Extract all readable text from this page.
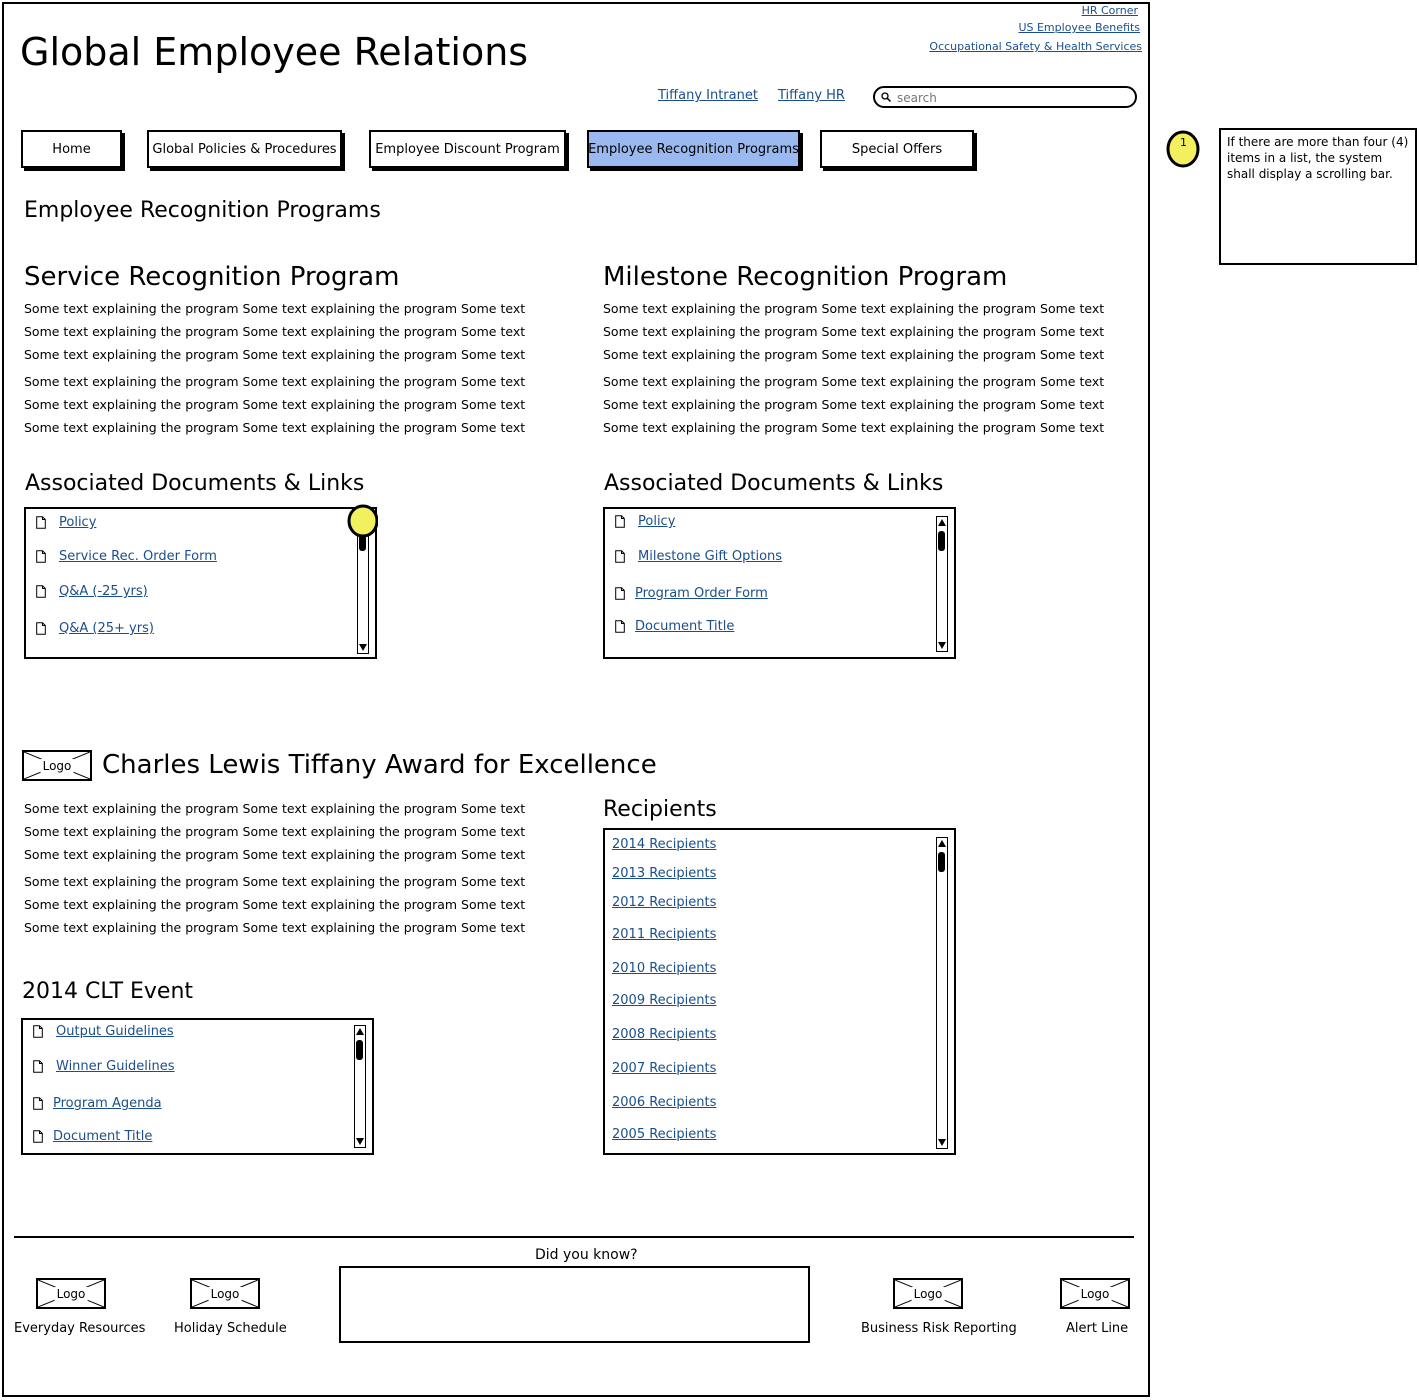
Global Employee Relations
HR Corner
US Employee Benefits
Occupational Safety & Health Services
Tiffany Intranet Tiffany HR
search
Home	Global Policies & Procedures	Employee Discount Program	Employee Recognition Programs	Special Offers
Employee Recognition Programs
Service Recognition Program
Some text explaining the program Some text explaining the program Some text
Some text explaining the program Some text explaining the program Some text
Some text explaining the program Some text explaining the program Some text
Some text explaining the program Some text explaining the program Some text
Some text explaining the program Some text explaining the program Some text
Some text explaining the program Some text explaining the program Some text
Associated Documents & Links
Policy
Service Rec. Order Form
Q&A (-25 yrs)
Q&A (25+ yrs)
Milestone Recognition Program
Some text explaining the program Some text explaining the program Some text
Some text explaining the program Some text explaining the program Some text
Some text explaining the program Some text explaining the program Some text
Some text explaining the program Some text explaining the program Some text
Some text explaining the program Some text explaining the program Some text
Some text explaining the program Some text explaining the program Some text
Associated Documents & Links
Policy
Milestone Gift Options
Program Order Form
Document Title
Logo Charles Lewis Tiffany Award for Excellence
Some text explaining the program Some text explaining the program Some text
Some text explaining the program Some text explaining the program Some text
Some text explaining the program Some text explaining the program Some text
Some text explaining the program Some text explaining the program Some text
Some text explaining the program Some text explaining the program Some text
Some text explaining the program Some text explaining the program Some text
2014 CLT Event
Output Guidelines
Winner Guidelines
Program Agenda
Document Title
Recipients
2014 Recipients
2013 Recipients
2012 Recipients
2011 Recipients
2010 Recipients
2009 Recipients
2008 Recipients
2007 Recipients
2006 Recipients
2005 Recipients
Did you know?
Logo
Everyday Resources
Logo
Holiday Schedule
Logo
Business Risk Reporting
Logo
Alert Line
1	If there are more than four (4) items in a list, the system shall display a scrolling bar.
